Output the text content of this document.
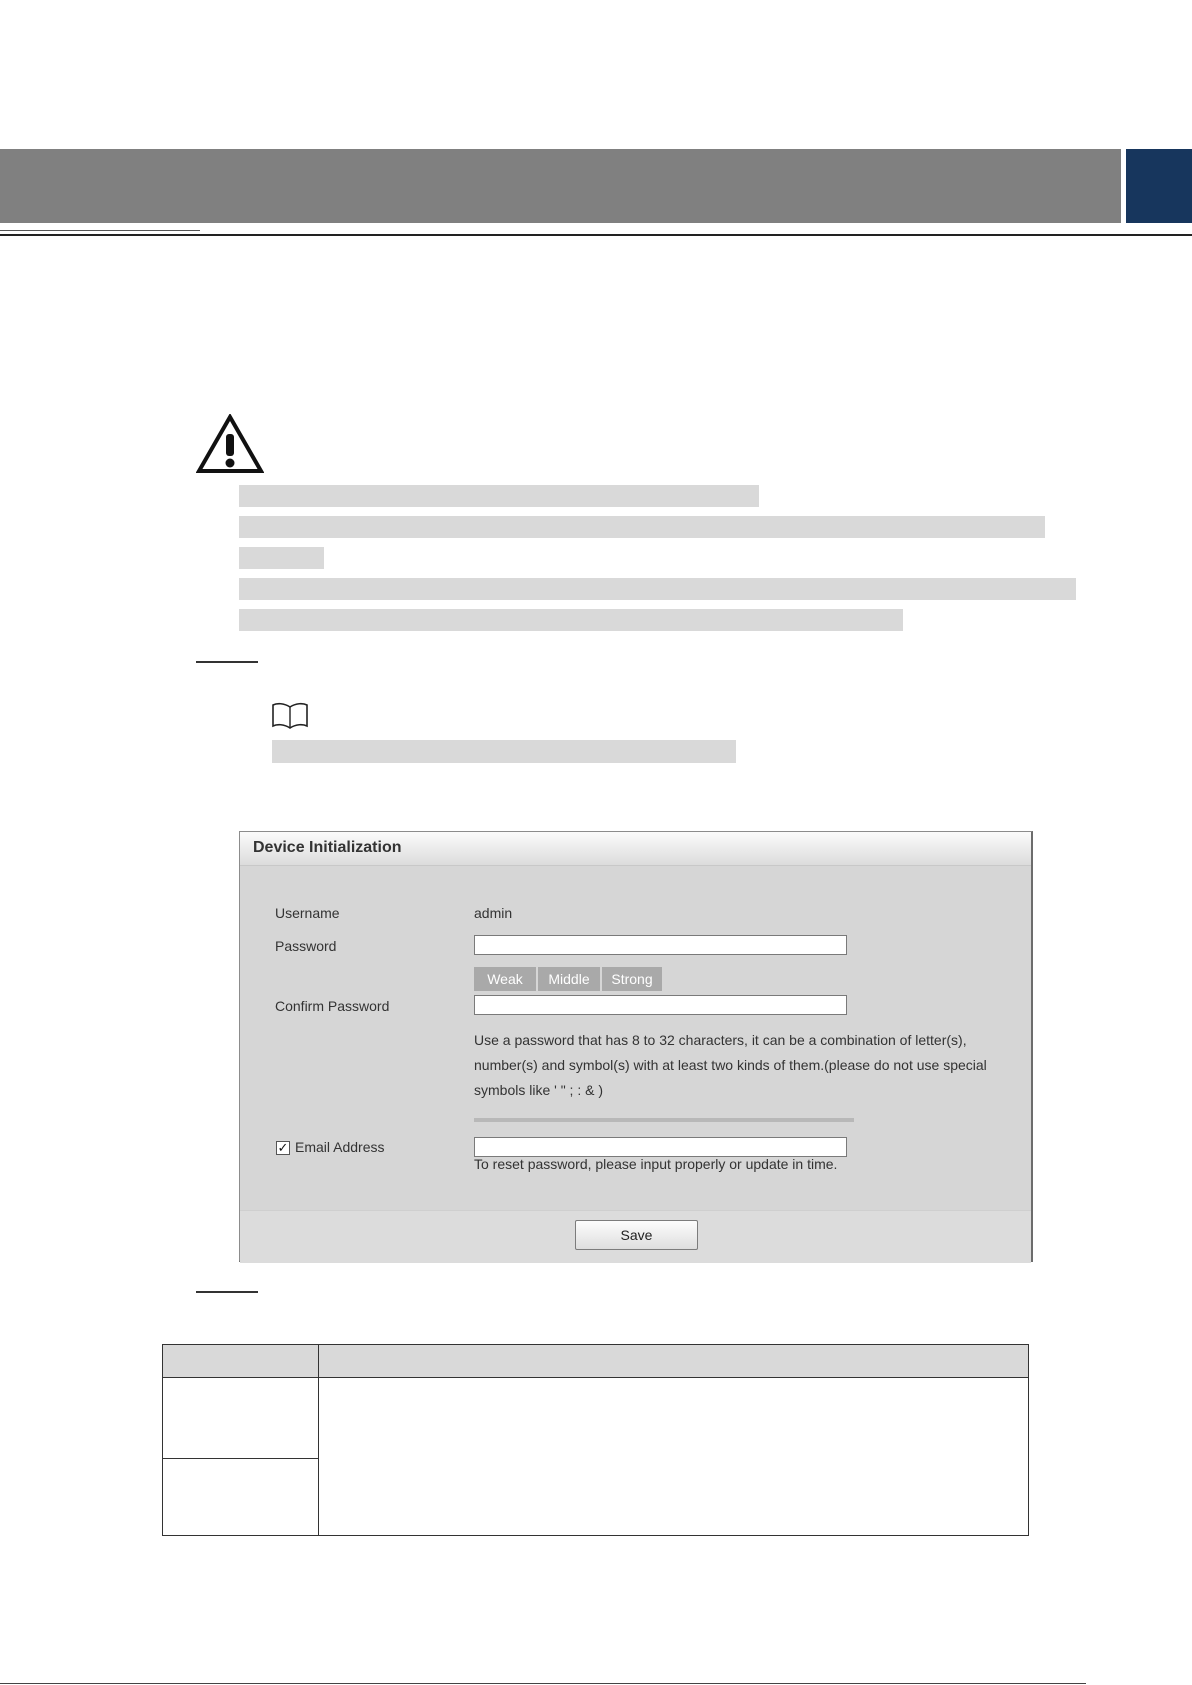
Device Initialization
Username	admin
Password
Weak	Middle	Strong
Confirm Password
Use a password that has 8 to 32 characters, it can be a combination of letter(s),
number(s) and symbol(s) with at least two kinds of them.(please do not use special
symbols like ' " ; : & )
✓ Email Address
To reset password, please input properly or update in time.
Save
